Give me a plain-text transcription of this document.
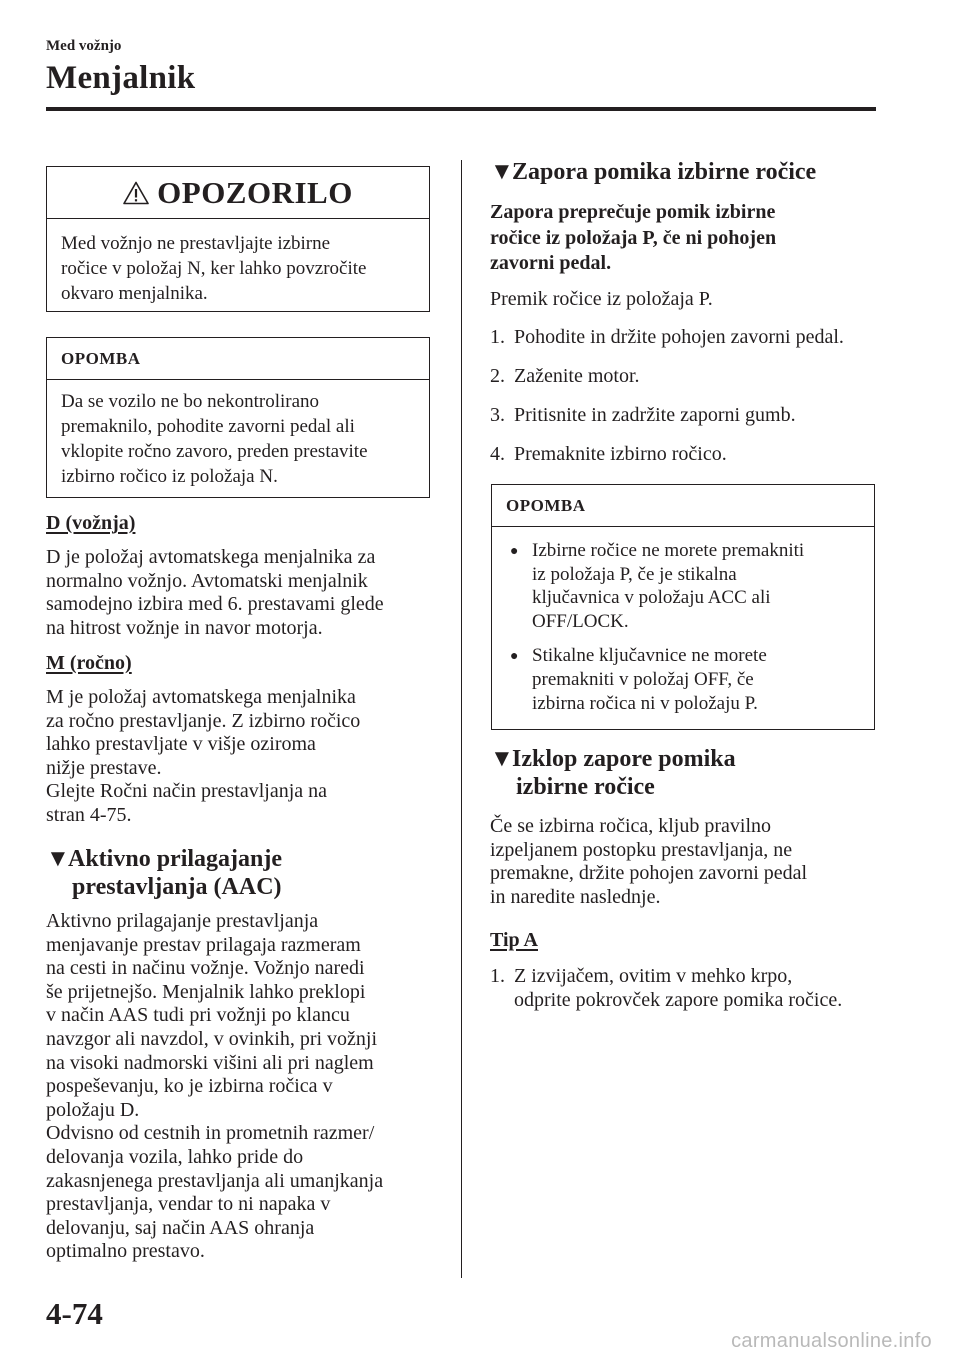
Med vožnjo
Menjalnik
OPOZORILO
Med vožnjo ne prestavljajte izbirne
ročice v položaj N, ker lahko povzročite
okvaro menjalnika.
OPOMBA
Da se vozilo ne bo nekontrolirano
premaknilo, pohodite zavorni pedal ali
vklopite ročno zavoro, preden prestavite
izbirno ročico iz položaja N.
D (vožnja)
D je položaj avtomatskega menjalnika za
normalno vožnjo. Avtomatski menjalnik
samodejno izbira med 6. prestavami glede
na hitrost vožnje in navor motorja.
M (ročno)
M je položaj avtomatskega menjalnika
za ročno prestavljanje. Z izbirno ročico
lahko prestavljate v višje oziroma
nižje prestave.
Glejte Ročni način prestavljanja na
stran 4-75.
▼Aktivno prilagajanje
prestavljanja (AAC)
Aktivno prilagajanje prestavljanja
menjavanje prestav prilagaja razmeram
na cesti in načinu vožnje. Vožnjo naredi
še prijetnejšo. Menjalnik lahko preklopi
v način AAS tudi pri vožnji po klancu
navzgor ali navzdol, v ovinkih, pri vožnji
na visoki nadmorski višini ali pri naglem
pospeševanju, ko je izbirna ročica v
položaju D.
Odvisno od cestnih in prometnih razmer/
delovanja vozila, lahko pride do
zakasnjenega prestavljanja ali umanjkanja
prestavljanja, vendar to ni napaka v
delovanju, saj način AAS ohranja
optimalno prestavo.
▼Zapora pomika izbirne ročice
Zapora preprečuje pomik izbirne
ročice iz položaja P, če ni pohojen
zavorni pedal.
Premik ročice iz položaja P.
1. Pohodite in držite pohojen zavorni pedal.
2. Zaženite motor.
3. Pritisnite in zadržite zaporni gumb.
4. Premaknite izbirno ročico.
OPOMBA
● Izbirne ročice ne morete premakniti
iz položaja P, če je stikalna
ključavnica v položaju ACC ali
OFF/LOCK.
● Stikalne ključavnice ne morete
premakniti v položaj OFF, če
izbirna ročica ni v položaju P.
▼Izklop zapore pomika
izbirne ročice
Če se izbirna ročica, kljub pravilno
izpeljanem postopku prestavljanja, ne
premakne, držite pohojen zavorni pedal
in naredite naslednje.
Tip A
1. Z izvijačem, ovitim v mehko krpo,
odprite pokrovček zapore pomika ročice.
4-74
carmanualsonline.info
